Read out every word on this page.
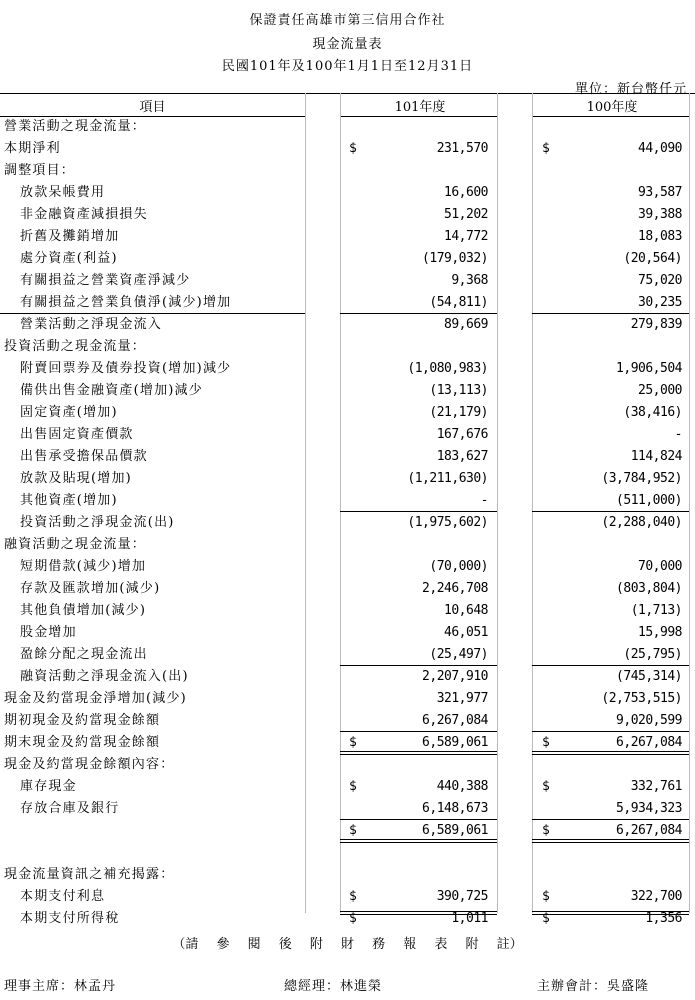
保證責任高雄市第三信用合作社
現金流量表
民國101年及100年1月1日至12月31日
單位：新台幣仟元
項目	101年度	100年度
營業活動之現金流量：
本期淨利	$	231,570	$	44,090
調整項目：
放款呆帳費用	16,600	93,587
非金融資產減損損失	51,202	39,388
折舊及攤銷增加	14,772	18,083
處分資產(利益)	(179,032)	(20,564)
有關損益之營業資產淨減少	9,368	75,020
有關損益之營業負債淨(減少)增加	(54,811)	30,235
營業活動之淨現金流入	89,669	279,839
投資活動之現金流量：
附賣回票券及債券投資(增加)減少	(1,080,983)	1,906,504
備供出售金融資產(增加)減少	(13,113)	25,000
固定資產(增加)	(21,179)	(38,416)
出售固定資產價款	167,676	-
出售承受擔保品價款	183,627	114,824
放款及貼現(增加)	(1,211,630)	(3,784,952)
其他資產(增加)	-	(511,000)
投資活動之淨現金流(出)	(1,975,602)	(2,288,040)
融資活動之現金流量：
短期借款(減少)增加	(70,000)	70,000
存款及匯款增加(減少)	2,246,708	(803,804)
其他負債增加(減少)	10,648	(1,713)
股金增加	46,051	15,998
盈餘分配之現金流出	(25,497)	(25,795)
融資活動之淨現金流入(出)	2,207,910	(745,314)
現金及約當現金淨增加(減少)	321,977	(2,753,515)
期初現金及約當現金餘額	6,267,084	9,020,599
期末現金及約當現金餘額	$	6,589,061	$	6,267,084
現金及約當現金餘額內容：
庫存現金	$	440,388	$	332,761
存放合庫及銀行	6,148,673	5,934,323
$	6,589,061	$	6,267,084
現金流量資訊之補充揭露：
本期支付利息	$	390,725	$	322,700
本期支付所得稅	$	1,011	$	1,356
（請 參 閱 後 附 財 務 報 表 附 註）
理事主席：林孟丹	總經理：林進榮	主辦會計：吳盛隆
